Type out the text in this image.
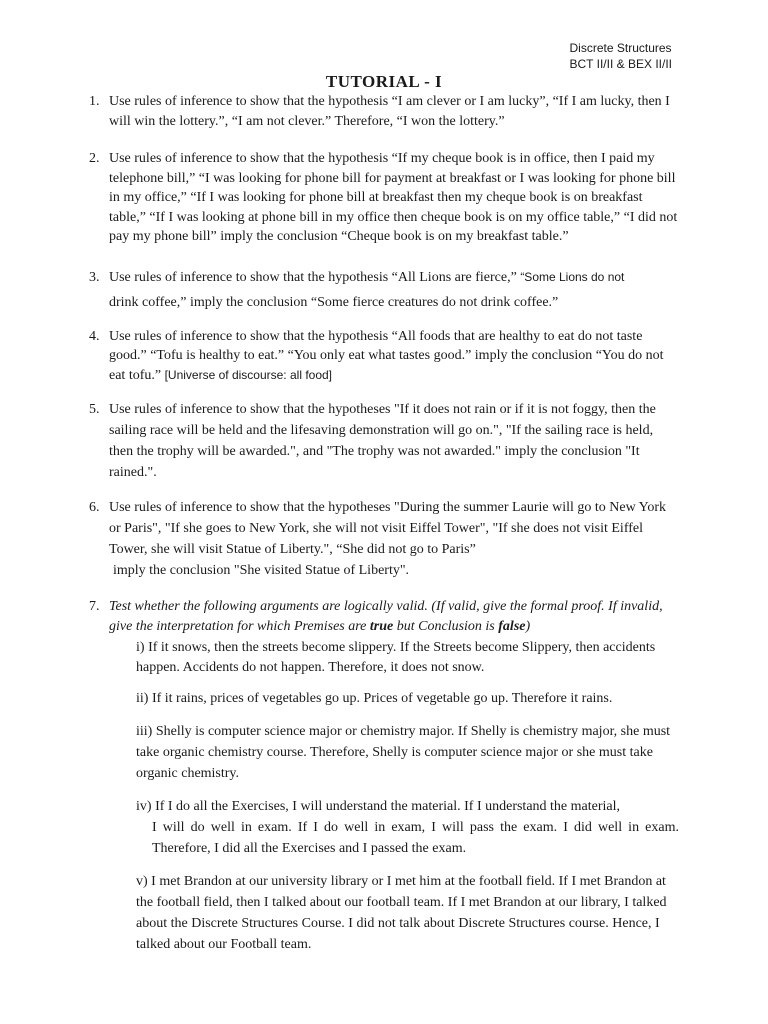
Discrete Structures
BCT II/II & BEX II/II
TUTORIAL - I
1. Use rules of inference to show that the hypothesis “I am clever or I am lucky”, “If I am lucky, then I will win the lottery.”, “I am not clever.” Therefore, “I won the lottery.”
2. Use rules of inference to show that the hypothesis “If my cheque book is in office, then I paid my telephone bill,” “I was looking for phone bill for payment at breakfast or I was looking for phone bill in my office,” “If I was looking for phone bill at breakfast then my cheque book is on breakfast table,” “If I was looking at phone bill in my office then cheque book is on my office table,” “I did not pay my phone bill” imply the conclusion “Cheque book is on my breakfast table.”
3. Use rules of inference to show that the hypothesis “All Lions are fierce,” “Some Lions do not
drink coffee,” imply the conclusion “Some fierce creatures do not drink coffee.”
4. Use rules of inference to show that the hypothesis “All foods that are healthy to eat do not taste good.” “Tofu is healthy to eat.” “You only eat what tastes good.” imply the conclusion “You do not eat tofu.” [Universe of discourse: all food]
5. Use rules of inference to show that the hypotheses "If it does not rain or if it is not foggy, then the sailing race will be held and the lifesaving demonstration will go on.", "If the sailing race is held, then the trophy will be awarded.", and "The trophy was not awarded." imply the conclusion "It rained.".
6. Use rules of inference to show that the hypotheses "During the summer Laurie will go to New York or Paris", "If she goes to New York, she will not visit Eiffel Tower", "If she does not visit Eiffel Tower, she will visit Statue of Liberty.", “She did not go to Paris”
imply the conclusion "She visited Statue of Liberty".
7. Test whether the following arguments are logically valid. (If valid, give the formal proof. If invalid, give the interpretation for which Premises are true but Conclusion is false)
i) If it snows, then the streets become slippery. If the Streets become Slippery, then accidents happen. Accidents do not happen. Therefore, it does not snow.
ii) If it rains, prices of vegetables go up. Prices of vegetable go up. Therefore it rains.
iii) Shelly is computer science major or chemistry major. If Shelly is chemistry major, she must take organic chemistry course. Therefore, Shelly is computer science major or she must take organic chemistry.
iv) If I do all the Exercises, I will understand the material. If I understand the material,
I will do well in exam. If I do well in exam, I will pass the exam. I did well in exam. Therefore, I did all the Exercises and I passed the exam.
v) I met Brandon at our university library or I met him at the football field. If I met Brandon at the football field, then I talked about our football team. If I met Brandon at our library, I talked about the Discrete Structures Course. I did not talk about Discrete Structures course. Hence, I talked about our Football team.
